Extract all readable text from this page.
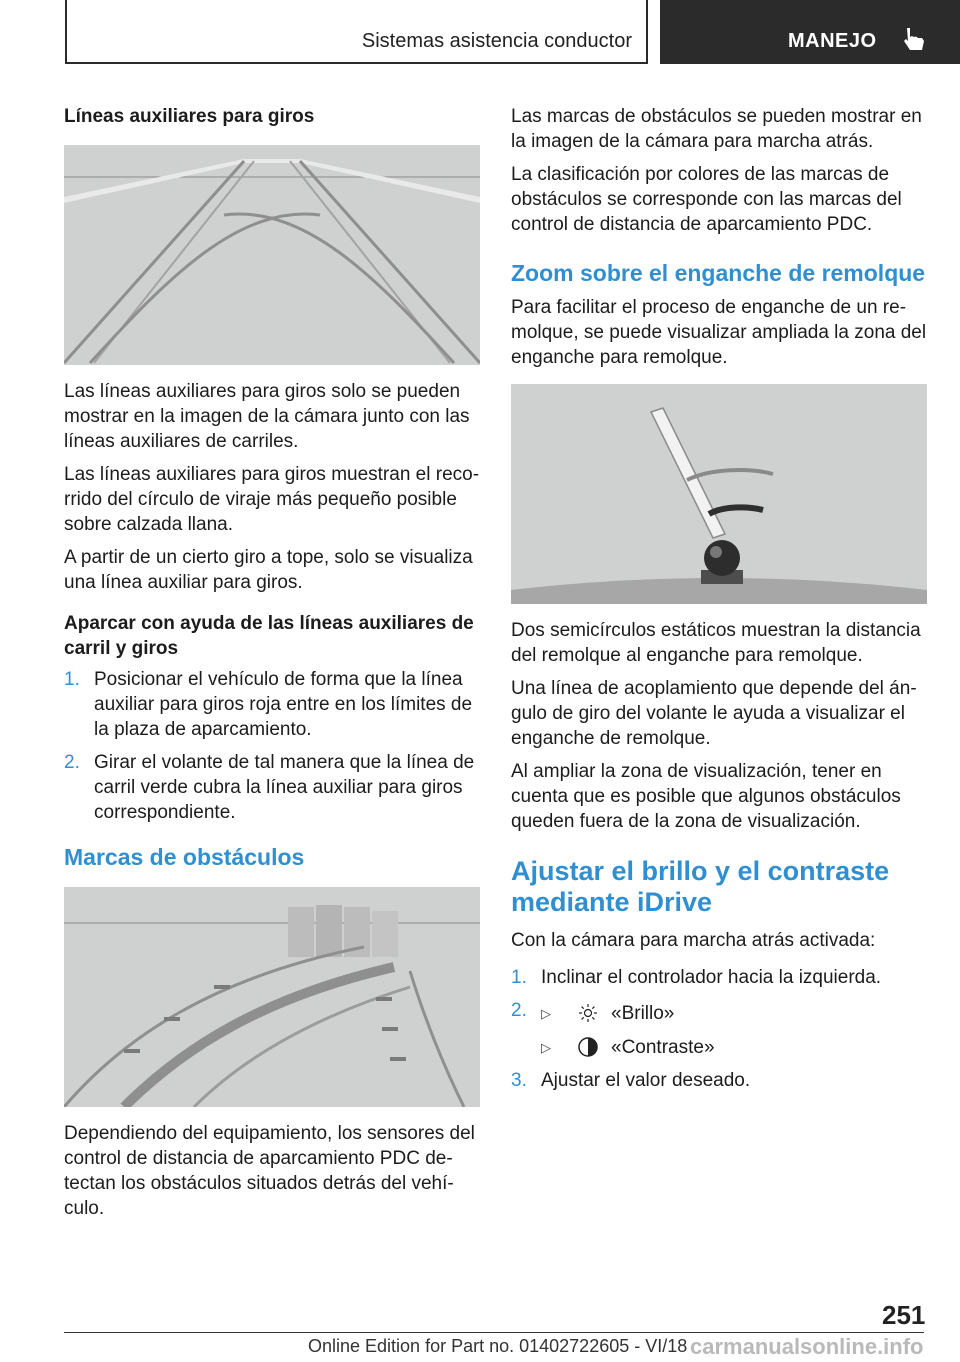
Sistemas asistencia conductor	MANEJO
Líneas auxiliares para giros

Las líneas auxiliares para giros solo se pueden mostrar en la imagen de la cámara junto con las líneas auxiliares de carriles.

Las líneas auxiliares para giros muestran el recorrido del círculo de viraje más pequeño posible sobre calzada llana.

A partir de un cierto giro a tope, solo se visualiza una línea auxiliar para giros.

Aparcar con ayuda de las líneas auxiliares de carril y giros
1. Posicionar el vehículo de forma que la línea auxiliar para giros roja entre en los límites de la plaza de aparcamiento.
2. Girar el volante de tal manera que la línea de carril verde cubra la línea auxiliar para giros correspondiente.
Marcas de obstáculos

Dependiendo del equipamiento, los sensores del control de distancia de aparcamiento PDC detectan los obstáculos situados detrás del vehículo.

Las marcas de obstáculos se pueden mostrar en la imagen de la cámara para marcha atrás.

La clasificación por colores de las marcas de obstáculos se corresponde con las marcas del control de distancia de aparcamiento PDC.

Zoom sobre el enganche de remolque

Para facilitar el proceso de enganche de un remolque, se puede visualizar ampliada la zona del enganche para remolque.

Dos semicírculos estáticos muestran la distancia del remolque al enganche para remolque.

Una línea de acoplamiento que depende del ángulo de giro del volante le ayuda a visualizar el enganche de remolque.

Al ampliar la zona de visualización, tener en cuenta que es posible que algunos obstáculos queden fuera de la zona de visualización.

Ajustar el brillo y el contraste mediante iDrive

Con la cámara para marcha atrás activada:

1. Inclinar el controlador hacia la izquierda.
2. ▷	«Brillo»
▷	«Contraste»
3. Ajustar el valor deseado.
251
Online Edition for Part no. 01402722605 - VI/18 carmanualsonline.info
